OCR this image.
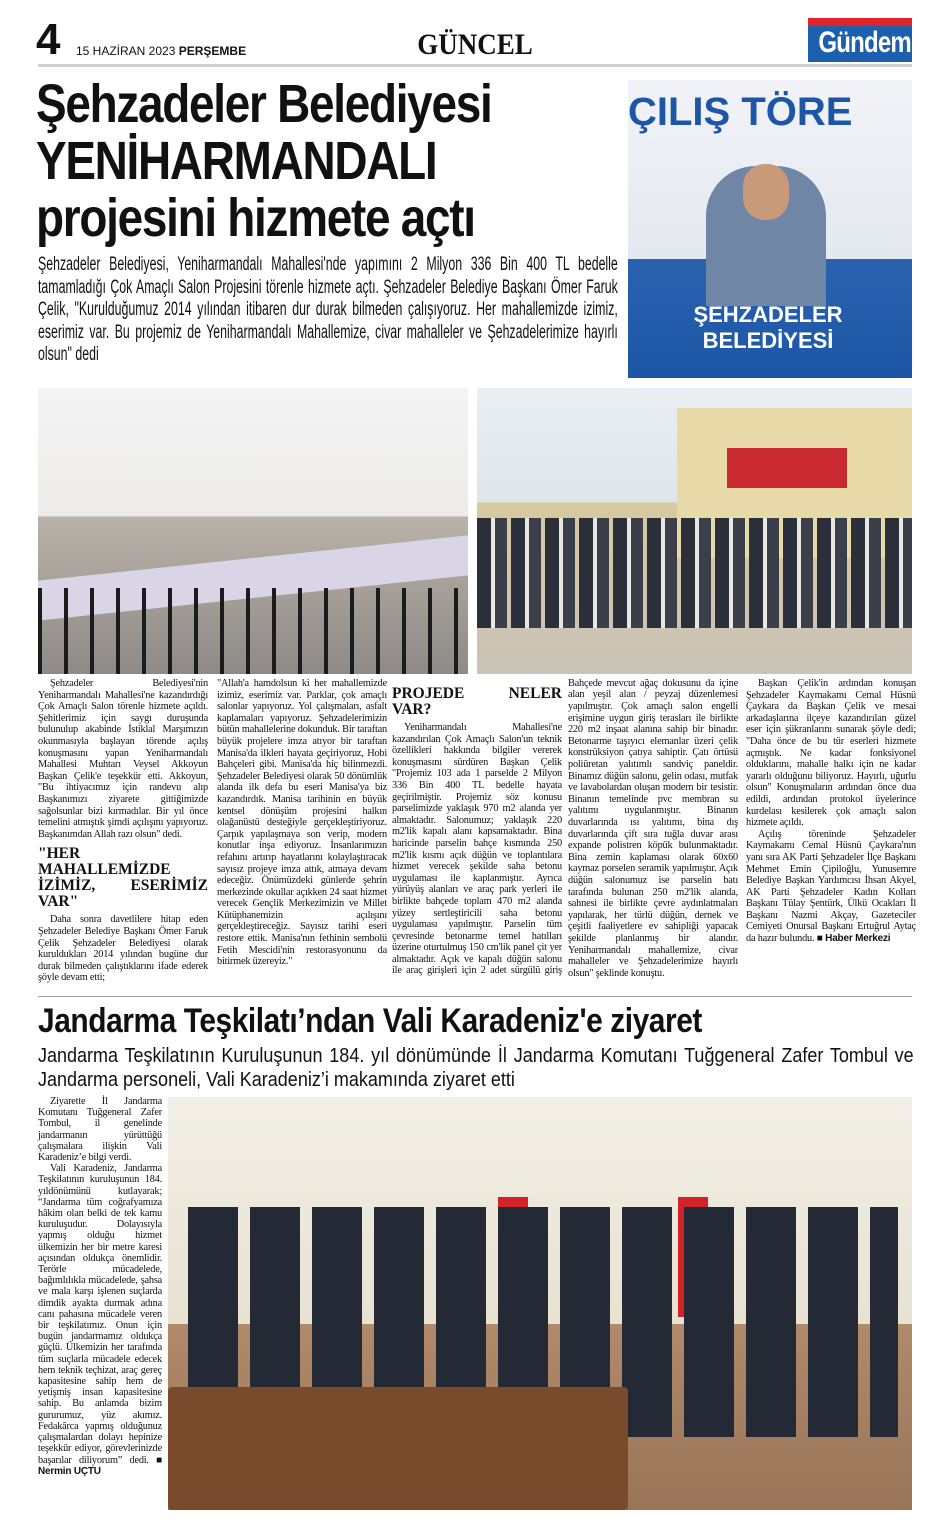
4 15 HAZİRAN 2023 PERŞEMBE	GÜNCEL	Gündem
Şehzadeler Belediyesi
YENİHARMANDALI
projesini hizmete açtı
Şehzadeler Belediyesi, Yeniharmandalı Mahallesi'nde yapımını 2 Milyon 336 Bin 400 TL bedelle tamamladığı Çok Amaçlı Salon Projesini törenle hizmete açtı. Şehzadeler Belediye Başkanı Ömer Faruk Çelik, "Kurulduğumuz 2014 yılından itibaren dur durak bilmeden çalışıyoruz. Her mahallemizde izimiz, eserimiz var. Bu projemiz de Yeniharmandalı Mahallemize, civar mahalleler ve Şehzadelerimize hayırlı olsun" dedi
ÇILIŞ TÖRE
ŞEHZADELER BELEDİYESİ

Şehzadeler Belediyesi'nin Yeniharmandalı Mahallesi'ne kazandırdığı Çok Amaçlı Salon törenle hizmete açıldı. Şehitlerimiz için saygı duruşunda bulunulup akabinde İstiklal Marşımızın okunmasıyla başlayan törende açılış konuşmasını yapan Yeniharmandalı Mahallesi Muhtarı Veysel Akkoyun Başkan Çelik'e teşekkür etti. Akkoyun, "Bu ihtiyacımız için randevu alıp Başkanımızı ziyarete gittiğimizde sağolsunlar bizi kırmadılar. Bir yıl önce temelini atmıştık şimdi açılışını yapıyoruz. Başkanımdan Allah razı olsun" dedi.

"HER MAHALLEMİZDE İZİMİZ, ESERİMİZ VAR"

Daha sonra davetlilere hitap eden Şehzadeler Belediye Başkanı Ömer Faruk Çelik Şehzadeler Belediyesi olarak kuruldukları 2014 yılından bugüne dur durak bilmeden çalıştıklarını ifade ederek şöyle devam etti;

"Allah'a hamdolsun ki her mahallemizde izimiz, eserimiz var. Parklar, çok amaçlı salonlar yapıyoruz. Yol çalışmaları, asfalt kaplamaları yapıyoruz. Şehzadelerimizin bütün mahallelerine dokunduk. Bir taraftan büyük projelere imza atıyor bir taraftan Manisa'da ilkleri hayata geçiriyoruz, Hobi Bahçeleri gibi. Manisa'da hiç bilinmezdi. Şehzadeler Belediyesi olarak 50 dönümlük alanda ilk defa bu eseri Manisa'ya biz kazandırdık. Manisa tarihinin en büyük kentsel dönüşüm projesini halkın olağanüstü desteğiyle gerçekleştiriyoruz. Çarpık yapılaşmaya son verip, modern konutlar inşa ediyoruz. İnsanlarımızın refahını artırıp hayatlarını kolaylaştıracak sayısız projeye imza attık, atmaya devam edeceğiz. Önümüzdeki günlerde şehrin merkezinde okullar açıkken 24 saat hizmet verecek Gençlik Merkezimizin ve Millet Kütüphanemizin açılışını gerçekleştireceğiz. Sayısız tarihi eseri restore ettik. Manisa'nın fethinin sembolü Fetih Mescidi'nin restorasyonunu da bitirmek üzereyiz."

PROJEDE NELER VAR?

Yeniharmandalı Mahallesi'ne kazandırılan Çok Amaçlı Salon'un teknik özellikleri hakkında bilgiler vererek konuşmasını sürdüren Başkan Çelik "Projemiz 103 ada 1 parselde 2 Milyon 336 Bin 400 TL bedelle hayata geçirilmiştir. Projemiz söz konusu parselimizde yaklaşık 970 m2 alanda yer almaktadır. Salonumuz; yaklaşık 220 m2'lik kapalı alanı kapsamaktadır. Bina haricinde parselin bahçe kısmında 250 m2'lik kısmı açık düğün ve toplantılara hizmet verecek şekilde saha betonu uygulaması ile kaplanmıştır. Ayrıca yürüyüş alanları ve araç park yerleri ile birlikte bahçede toplam 470 m2 alanda yüzey sertleştiricili saha betonu uygulaması yapılmıştır. Parselin tüm çevresinde betonarme temel hatılları üzerine oturtulmuş 150 cm'lik panel çit yer almaktadır. Açık ve kapalı düğün salonu ile araç girişleri için 2 adet sürgülü giriş

Bahçede mevcut ağaç dokusunu da içine alan yeşil alan / peyzaj düzenlemesi yapılmıştır. Çok amaçlı salon engelli erişimine uygun giriş terasları ile birlikte 220 m2 inşaat alanına sahip bir binadır. Betonarme taşıyıcı elemanlar üzeri çelik konstrüksiyon çatıya sahiptir. Çatı örtüsü poliüretan yalıtımlı sandviç paneldir. Binamız düğün salonu, gelin odası, mutfak ve lavabolardan oluşan modern bir tesistir. Binanın temelinde pvc membran su yalıtımı uygulanmıştır. Binanın duvarlarında ısı yalıtımı, bina dış duvarlarında çift sıra tuğla duvar arası expande polistren köpük bulunmaktadır. Bina zemin kaplaması olarak 60x60 kaymaz porselen seramik yapılmıştır. Açık düğün salonumuz ise parselin batı tarafında bulunan 250 m2'lik alanda, sahnesi ile birlikte çevre aydınlatmaları yapılarak, her türlü düğün, dernek ve çeşitli faaliyetlere ev sahipliği yapacak şekilde planlanmış bir alandır. Yeniharmandalı mahallemize, civar mahalleler ve Şehzadelerimize hayırlı olsun" şeklinde konuştu.

Başkan Çelik'in ardından konuşan Şehzadeler Kaymakamı Cemal Hüsnü Çaykara da Başkan Çelik ve mesai arkadaşlarına ilçeye kazandırılan güzel eser için şükranlarını sunarak şöyle dedi; "Daha önce de bu tür eserleri hizmete açmıştık. Ne kadar fonksiyonel olduklarını, mahalle halkı için ne kadar yararlı olduğunu biliyoruz. Hayırlı, uğurlu olsun" Konuşmaların ardından önce dua edildi, ardından protokol üyelerince kurdelası kesilerek çok amaçlı salon hizmete açıldı.

Açılış töreninde Şehzadeler Kaymakamı Cemal Hüsnü Çaykara'nın yanı sıra AK Parti Şehzadeler İlçe Başkanı Mehmet Emin Çipiloğlu, Yunusemre Belediye Başkan Yardımcısı İhsan Akyel, AK Parti Şehzadeler Kadın Kolları Başkanı Tülay Şentürk, Ülkü Ocakları İl Başkanı Nazmi Akçay, Gazeteciler Cemiyeti Onursal Başkanı Ertuğrul Aytaç da hazır bulundu. ■ Haber Merkezi

Jandarma Teşkilatı’ndan Vali Karadeniz'e ziyaret
Jandarma Teşkilatının Kuruluşunun 184. yıl dönümünde İl Jandarma Komutanı Tuğgeneral Zafer Tombul ve Jandarma personeli, Vali Karadeniz’i makamında ziyaret etti

Ziyarette İl Jandarma Komutanı Tuğgeneral Zafer Tombul, il genelinde jandarmanın yürüttüğü çalışmalara ilişkin Vali Karadeniz’e bilgi verdi.

Vali Karadeniz, Jandarma Teşkilatının kuruluşunun 184. yıldönümünü kutlayarak; “Jandarma tüm coğrafyamıza hâkim olan belki de tek kamu kuruluşudur. Dolayısıyla yapmış olduğu hizmet ülkemizin her bir metre karesi açısından oldukça önemlidir. Terörle mücadelede, bağımlılıkla mücadelede, şahsa ve mala karşı işlenen suçlarda dimdik ayakta durmak adına canı pahasına mücadele veren bir teşkilatımız. Onun için bugün jandarmamız oldukça güçlü. Ülkemizin her tarafında tüm suçlarla mücadele edecek hem teknik teçhizat, araç gereç kapasitesine sahip hem de yetişmiş insan kapasitesine sahip. Bu anlamda bizim gururumuz, yüz akımız. Fedakârca yapmış olduğunuz çalışmalardan dolayı hepinize teşekkür ediyor, görevlerinizde başarılar diliyorum” dedi. ■ Nermin UÇTU
